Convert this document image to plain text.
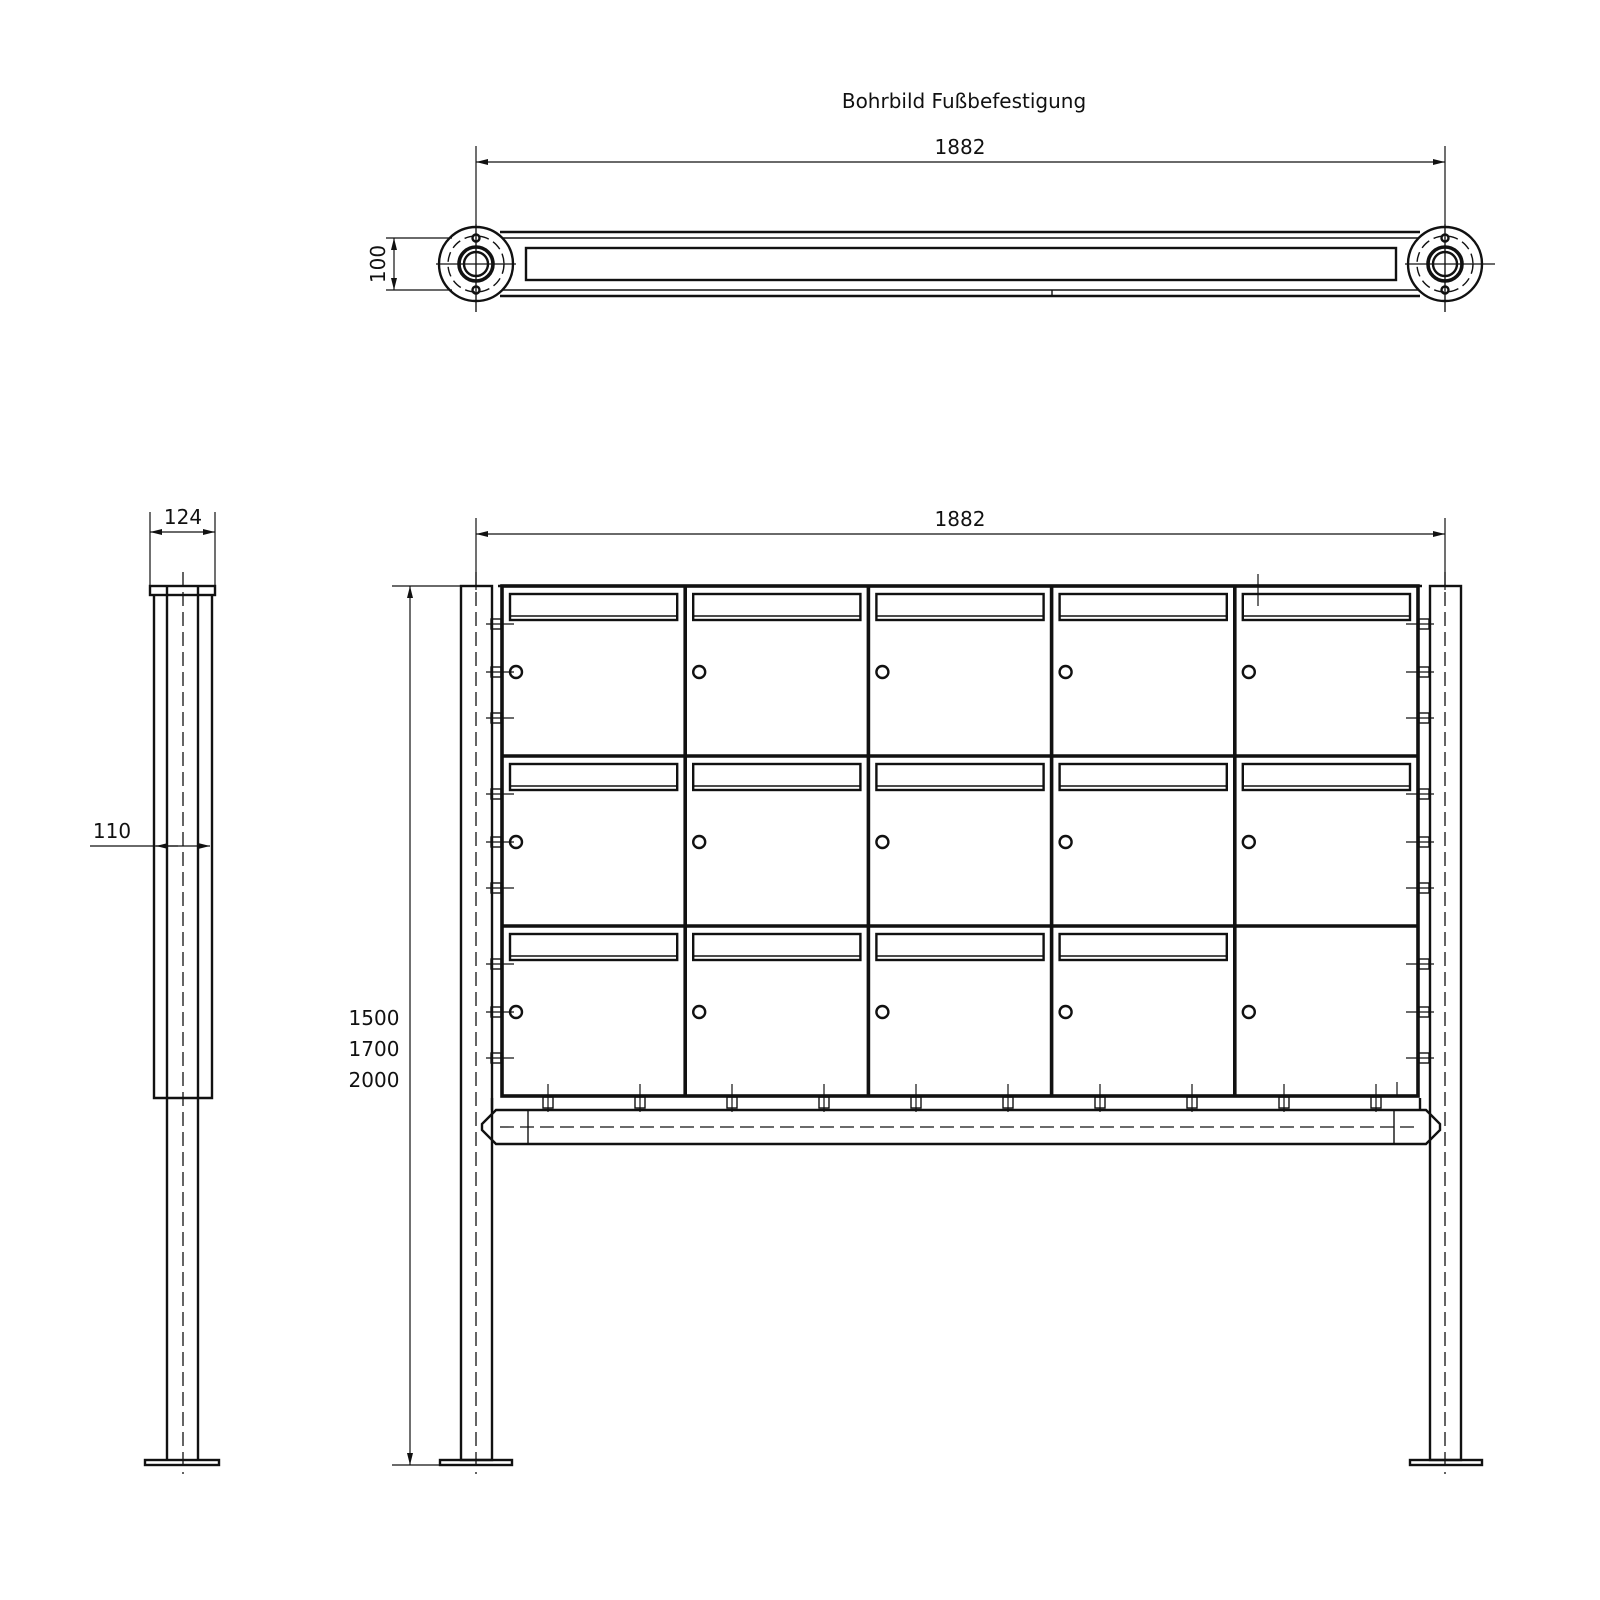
Bohrbild Fußbefestigung
1882
100
124
110
1882
1500
1700
2000
